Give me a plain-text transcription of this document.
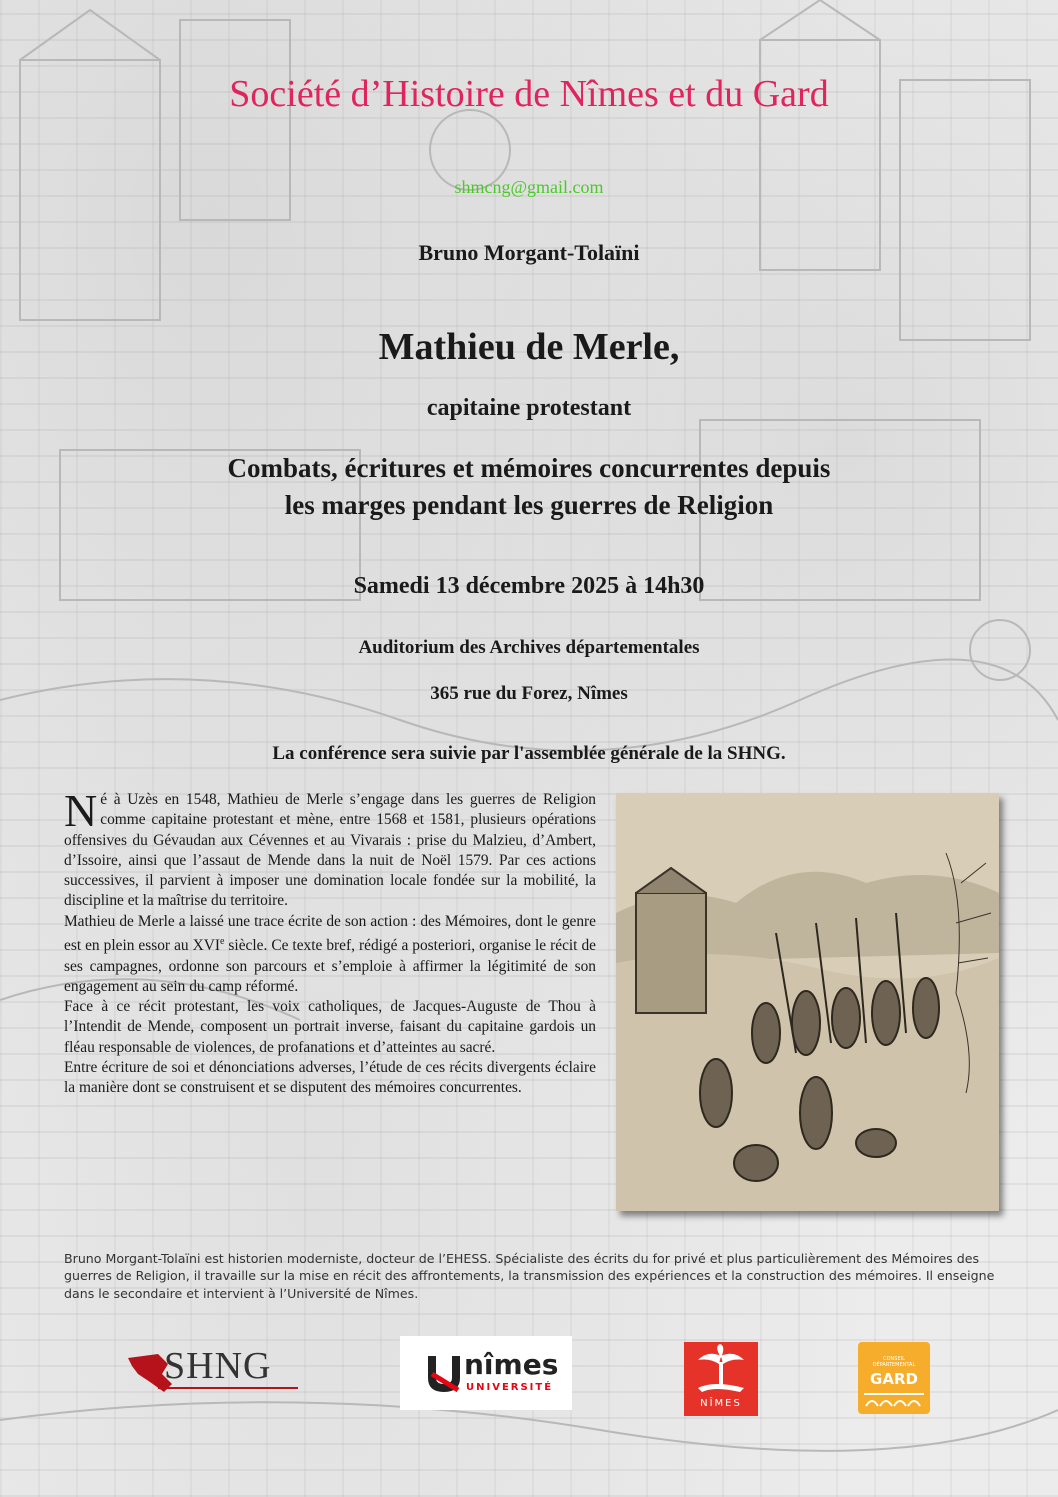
Société d’Histoire de Nîmes et du Gard
shmcng@gmail.com
Bruno Morgant-Tolaïni
Mathieu de Merle,
capitaine protestant
Combats, écritures et mémoires concurrentes depuis
les marges pendant les guerres de Religion
Samedi 13 décembre 2025 à 14h30
Auditorium des Archives départementales
365 rue du Forez, Nîmes
La conférence sera suivie par l'assemblée générale de la SHNG.

Né à Uzès en 1548, Mathieu de Merle s’engage dans les guerres de Religion comme capitaine protestant et mène, entre 1568 et 1581, plusieurs opérations offensives du Gévaudan aux Cévennes et au Vivarais : prise du Malzieu, d’Ambert, d’Issoire, ainsi que l’assaut de Mende dans la nuit de Noël 1579. Par ces actions successives, il parvient à imposer une domination locale fondée sur la mobilité, la discipline et la maîtrise du territoire.

Mathieu de Merle a laissé une trace écrite de son action : des Mémoires, dont le genre est en plein essor au XVIe siècle. Ce texte bref, rédigé a posteriori, organise le récit de ses campagnes, ordonne son parcours et s’emploie à affirmer la légitimité de son engagement au sein du camp réformé.

Face à ce récit protestant, les voix catholiques, de Jacques-Auguste de Thou à l’Intendit de Mende, composent un portrait inverse, faisant du capitaine gardois un fléau responsable de violences, de profanations et d’atteintes au sacré.

Entre écriture de soi et dénonciations adverses, l’étude de ces récits divergents éclaire la manière dont se construisent et se disputent des mémoires concurrentes.

Bruno Morgant-Tolaïni est historien moderniste, docteur de l’EHESS. Spécialiste des écrits du for privé et plus particulièrement des Mémoires des guerres de Religion, il travaille sur la mise en récit des affrontements, la transmission des expériences et la construction des mémoires. Il enseigne dans le secondaire et intervient à l’Université de Nîmes.
SHNG	nîmes
UNIVERSITÉ
NÎMES
CONSEIL DÉPARTEMENTAL
GARD
